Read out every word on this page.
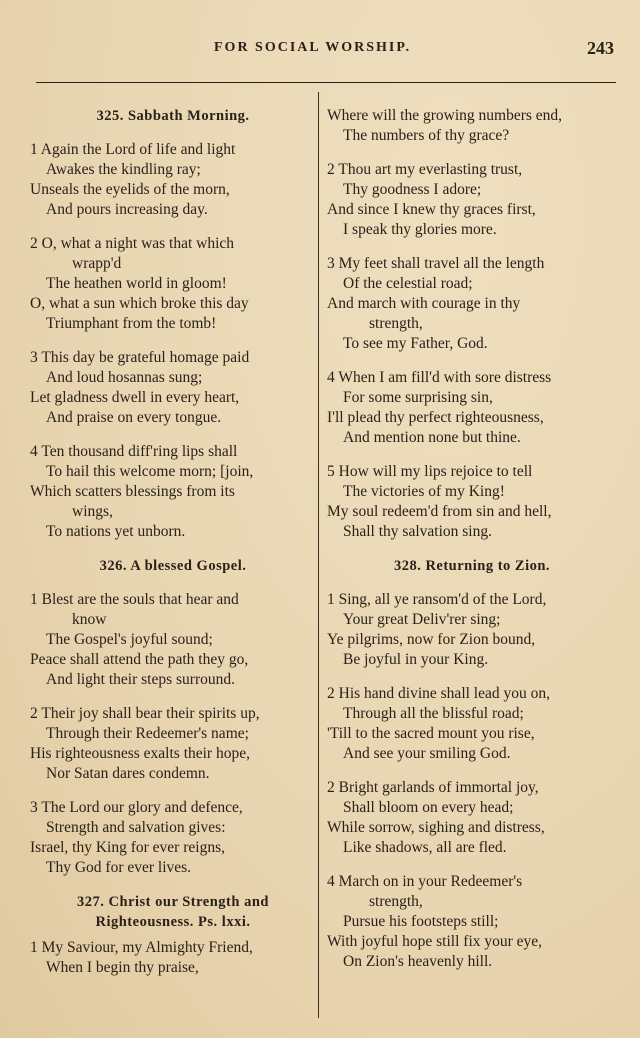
FOR SOCIAL WORSHIP.	243
325. Sabbath Morning.
1 Again the Lord of life and light
Awakes the kindling ray;
Unseals the eyelids of the morn,
And pours increasing day.
2 O, what a night was that which
wrapp'd
The heathen world in gloom!
O, what a sun which broke this day
Triumphant from the tomb!
3 This day be grateful homage paid
And loud hosannas sung;
Let gladness dwell in every heart,
And praise on every tongue.
4 Ten thousand diff'ring lips shall
To hail this welcome morn; [join,
Which scatters blessings from its
wings,
To nations yet unborn.
326. A blessed Gospel.
1 Blest are the souls that hear and
know
The Gospel's joyful sound;
Peace shall attend the path they go,
And light their steps surround.
2 Their joy shall bear their spirits up,
Through their Redeemer's name;
His righteousness exalts their hope,
Nor Satan dares condemn.
3 The Lord our glory and defence,
Strength and salvation gives:
Israel, thy King for ever reigns,
Thy God for ever lives.
327. Christ our Strength and
Righteousness. Ps. lxxi.
1 My Saviour, my Almighty Friend,
When I begin thy praise,
Where will the growing numbers end,
The numbers of thy grace?
2 Thou art my everlasting trust,
Thy goodness I adore;
And since I knew thy graces first,
I speak thy glories more.
3 My feet shall travel all the length
Of the celestial road;
And march with courage in thy
strength,
To see my Father, God.
4 When I am fill'd with sore distress
For some surprising sin,
I'll plead thy perfect righteousness,
And mention none but thine.
5 How will my lips rejoice to tell
The victories of my King!
My soul redeem'd from sin and hell,
Shall thy salvation sing.
328. Returning to Zion.
1 Sing, all ye ransom'd of the Lord,
Your great Deliv'rer sing;
Ye pilgrims, now for Zion bound,
Be joyful in your King.
2 His hand divine shall lead you on,
Through all the blissful road;
'Till to the sacred mount you rise,
And see your smiling God.
2 Bright garlands of immortal joy,
Shall bloom on every head;
While sorrow, sighing and distress,
Like shadows, all are fled.
4 March on in your Redeemer's
strength,
Pursue his footsteps still;
With joyful hope still fix your eye,
On Zion's heavenly hill.
